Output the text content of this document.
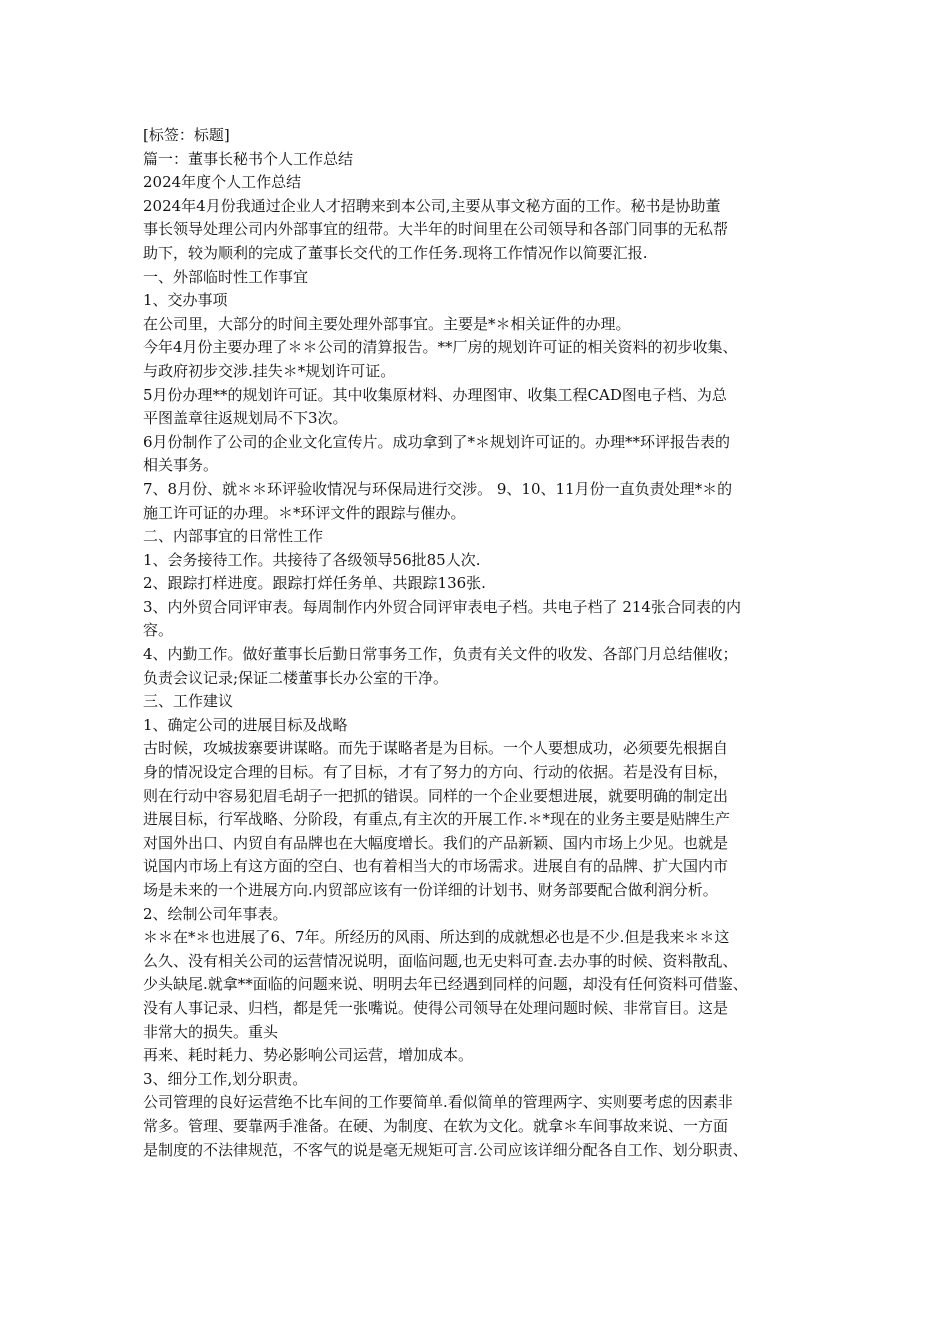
[标签：标题]
篇一：董事长秘书个人工作总结
2024年度个人工作总结
2024年4月份我通过企业人才招聘来到本公司,主要从事文秘方面的工作。秘书是协助董
事长领导处理公司内外部事宜的纽带。大半年的时间里在公司领导和各部门同事的无私帮
助下，较为顺利的完成了董事长交代的工作任务.现将工作情况作以简要汇报.
一、外部临时性工作事宜
1、交办事项
在公司里，大部分的时间主要处理外部事宜。主要是*＊相关证件的办理。
今年4月份主要办理了＊＊公司的清算报告。**厂房的规划许可证的相关资料的初步收集、
与政府初步交涉.挂失＊*规划许可证。
5月份办理**的规划许可证。其中收集原材料、办理图审、收集工程CAD图电子档、为总
平图盖章往返规划局不下3次。
6月份制作了公司的企业文化宣传片。成功拿到了*＊规划许可证的。办理**环评报告表的
相关事务。
7、8月份、就＊＊环评验收情况与环保局进行交涉。 9、10、11月份一直负责处理*＊的
施工许可证的办理。＊*环评文件的跟踪与催办。
二、内部事宜的日常性工作
1、会务接待工作。共接待了各级领导56批85人次.
2、跟踪打样进度。跟踪打烊任务单、共跟踪136张.
3、内外贸合同评审表。每周制作内外贸合同评审表电子档。共电子档了 214张合同表的内
容。
4、内勤工作。做好董事长后勤日常事务工作，负责有关文件的收发、各部门月总结催收；
负责会议记录;保证二楼董事长办公室的干净。
三、工作建议
1、确定公司的进展目标及战略
古时候，攻城拔寨要讲谋略。而先于谋略者是为目标。一个人要想成功，必须要先根据自
身的情况设定合理的目标。有了目标，才有了努力的方向、行动的依据。若是没有目标，
则在行动中容易犯眉毛胡子一把抓的错误。同样的一个企业要想进展，就要明确的制定出
进展目标，行军战略、分阶段，有重点,有主次的开展工作.＊*现在的业务主要是贴牌生产
对国外出口、内贸自有品牌也在大幅度增长。我们的产品新颖、国内市场上少见。也就是
说国内市场上有这方面的空白、也有着相当大的市场需求。进展自有的品牌、扩大国内市
场是未来的一个进展方向.内贸部应该有一份详细的计划书、财务部要配合做利润分析。
2、绘制公司年事表。
＊＊在*＊也进展了6、7年。所经历的风雨、所达到的成就想必也是不少.但是我来＊＊这
么久、没有相关公司的运营情况说明，面临问题,也无史料可查.去办事的时候、资料散乱、
少头缺尾.就拿**面临的问题来说、明明去年已经遇到同样的问题，却没有任何资料可借鉴、
没有人事记录、归档，都是凭一张嘴说。使得公司领导在处理问题时候、非常盲目。这是
非常大的损失。重头
再来、耗时耗力、势必影响公司运营，增加成本。
3、细分工作,划分职责。
公司管理的良好运营绝不比车间的工作要简单.看似简单的管理两字、实则要考虑的因素非
常多。管理、要靠两手准备。在硬、为制度、在软为文化。就拿＊车间事故来说、一方面
是制度的不法律规范，不客气的说是毫无规矩可言.公司应该详细分配各自工作、划分职责、
